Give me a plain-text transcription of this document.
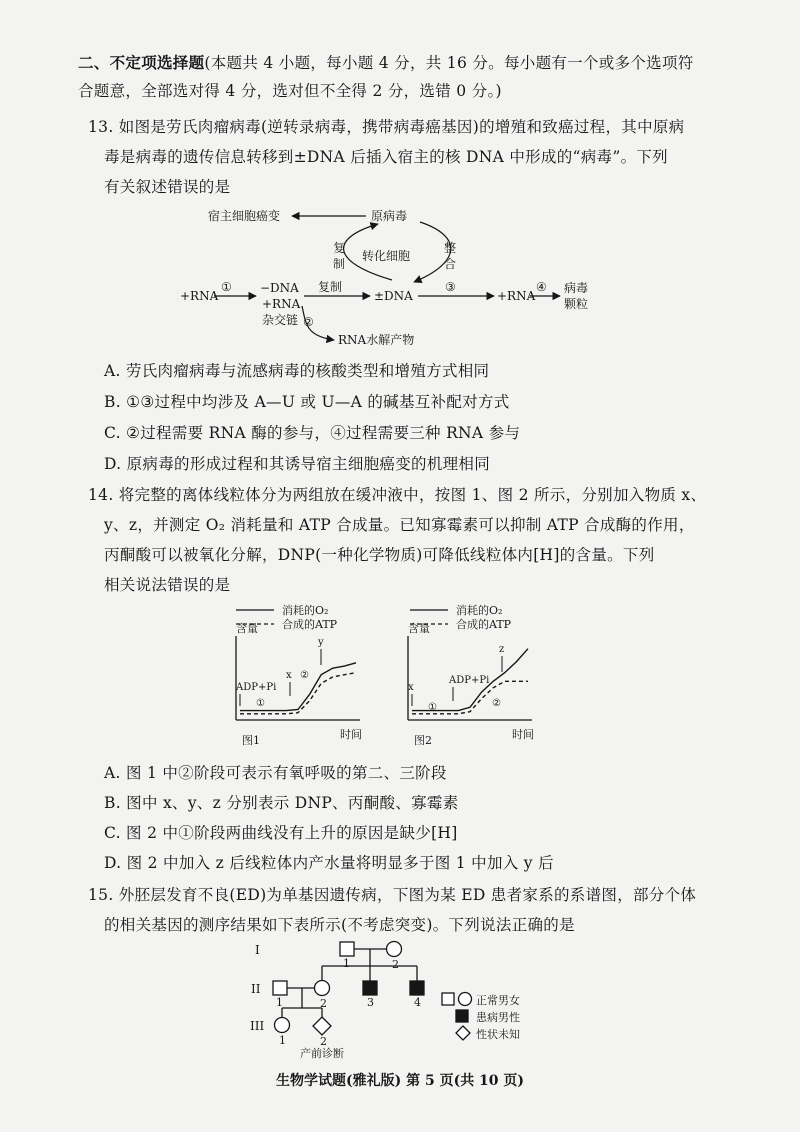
二、不定项选择题(本题共 4 小题，每小题 4 分，共 16 分。每小题有一个或多个选项符
合题意，全部选对得 4 分，选对但不全得 2 分，选错 0 分。)
13. 如图是劳氏肉瘤病毒(逆转录病毒，携带病毒癌基因)的增殖和致癌过程，其中原病
毒是病毒的遗传信息转移到±DNA 后插入宿主的核 DNA 中形成的“病毒”。下列
有关叙述错误的是
宿主细胞癌变	原病毒
复
制
转化细胞
整
合
+RNA
① −DNA
+RNA
杂交链
复制
±DNA
③
+RNA
④ 病毒
颗粒
②
RNA水解产物
A. 劳氏肉瘤病毒与流感病毒的核酸类型和增殖方式相同
B. ①③过程中均涉及 A—U 或 U—A 的碱基互补配对方式
C. ②过程需要 RNA 酶的参与，④过程需要三种 RNA 参与
D. 原病毒的形成过程和其诱导宿主细胞癌变的机理相同
14. 将完整的离体线粒体分为两组放在缓冲液中，按图 1、图 2 所示，分别加入物质 x、
y、z，并测定 O₂ 消耗量和 ATP 合成量。已知寡霉素可以抑制 ATP 合成酶的作用，
丙酮酸可以被氧化分解，DNP(一种化学物质)可降低线粒体内[H]的含量。下列
相关说法错误的是
消耗的O₂
合成的ATP
含量
时间
图1
ADP+Pi
x
y
①
②
消耗的O₂
合成的ATP
含量
时间
图2
x
ADP+Pi
z
①	②
A. 图 1 中②阶段可表示有氧呼吸的第二、三阶段
B. 图中 x、y、z 分别表示 DNP、丙酮酸、寡霉素
C. 图 2 中①阶段两曲线没有上升的原因是缺少[H]
D. 图 2 中加入 z 后线粒体内产水量将明显多于图 1 中加入 y 后
15. 外胚层发育不良(ED)为单基因遗传病，下图为某 ED 患者家系的系谱图，部分个体
的相关基因的测序结果如下表所示(不考虑突变)。下列说法正确的是
I
II
III
1	2
1	2	3	4
1	2
产前诊断
正常男女
患病男性
性状未知
生物学试题(雅礼版) 第 5 页(共 10 页)
